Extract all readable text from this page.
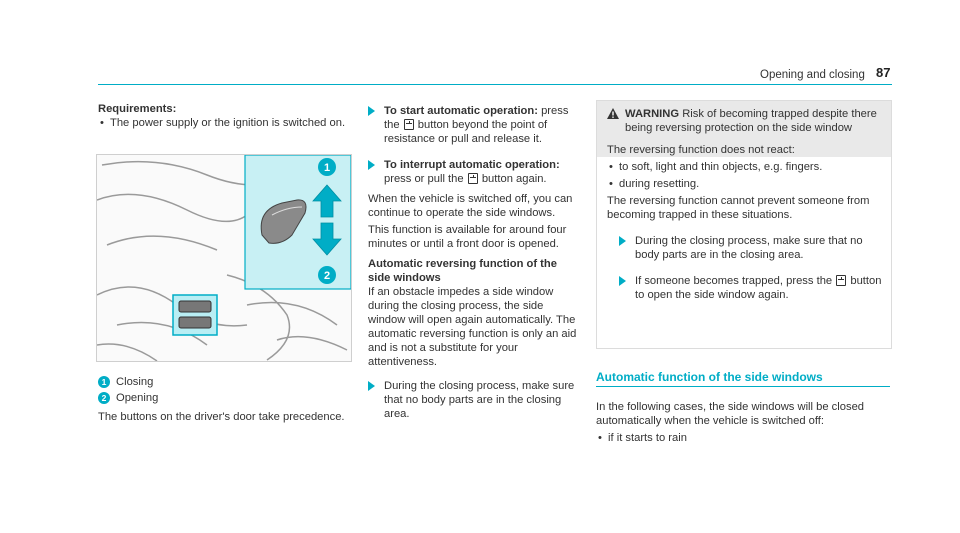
Opening and closing 87
Requirements:
• The power supply or the ignition is switched on.
1
2
1 Closing
2 Opening
The buttons on the driver's door take precedence.
To start automatic operation: press the button beyond the point of resistance or pull and release it.
To interrupt automatic operation: press or pull the button again.

When the vehicle is switched off, you can continue to operate the side windows.

This function is available for around four minutes or until a front door is opened.

Automatic reversing function of the side windows

If an obstacle impedes a side window during the closing process, the side window will open again automatically. The automatic reversing function is only an aid and is not a substitute for your attentiveness.

During the closing process, make sure that no body parts are in the closing area.
WARNING Risk of becoming trapped despite there being reversing protection on the side window
The reversing function does not react:
• to soft, light and thin objects, e.g. fingers.
• during resetting.

The reversing function cannot prevent someone from becoming trapped in these situations.

During the closing process, make sure that no body parts are in the closing area.
If someone becomes trapped, press the button to open the side window again.
Automatic function of the side windows

In the following cases, the side windows will be closed automatically when the vehicle is switched off:

• if it starts to rain
